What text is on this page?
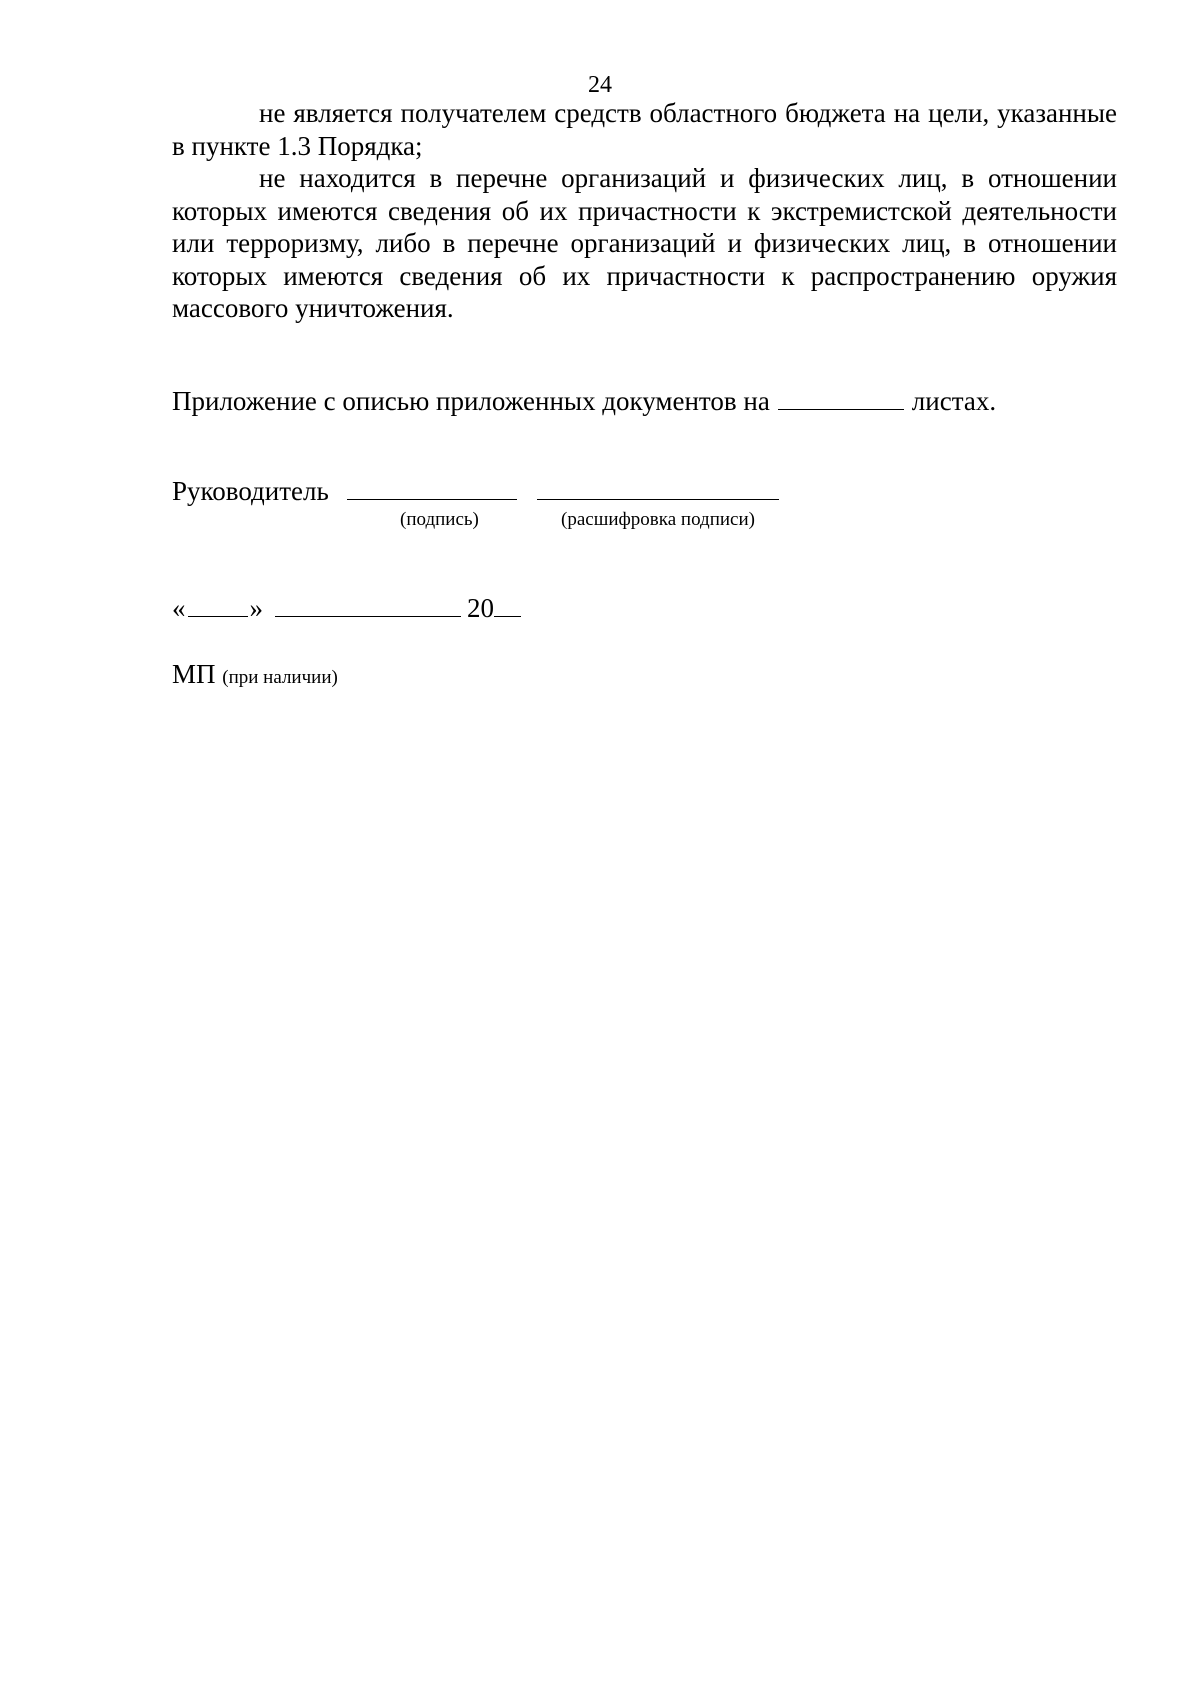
24

не является получателем средств областного бюджета на цели, указанные в пункте 1.3 Порядка;

не находится в перечне организаций и физических лиц, в отношении которых имеются сведения об их причастности к экстремистской деятельности или терроризму, либо в перечне организаций и физических лиц, в отношении которых имеются сведения об их причастности к распространению оружия массового уничтожения.

Приложение с описью приложенных документов на	листах.
Руководитель
(подпись)	(расшифровка подписи)
« »	20
МП (при наличии)
